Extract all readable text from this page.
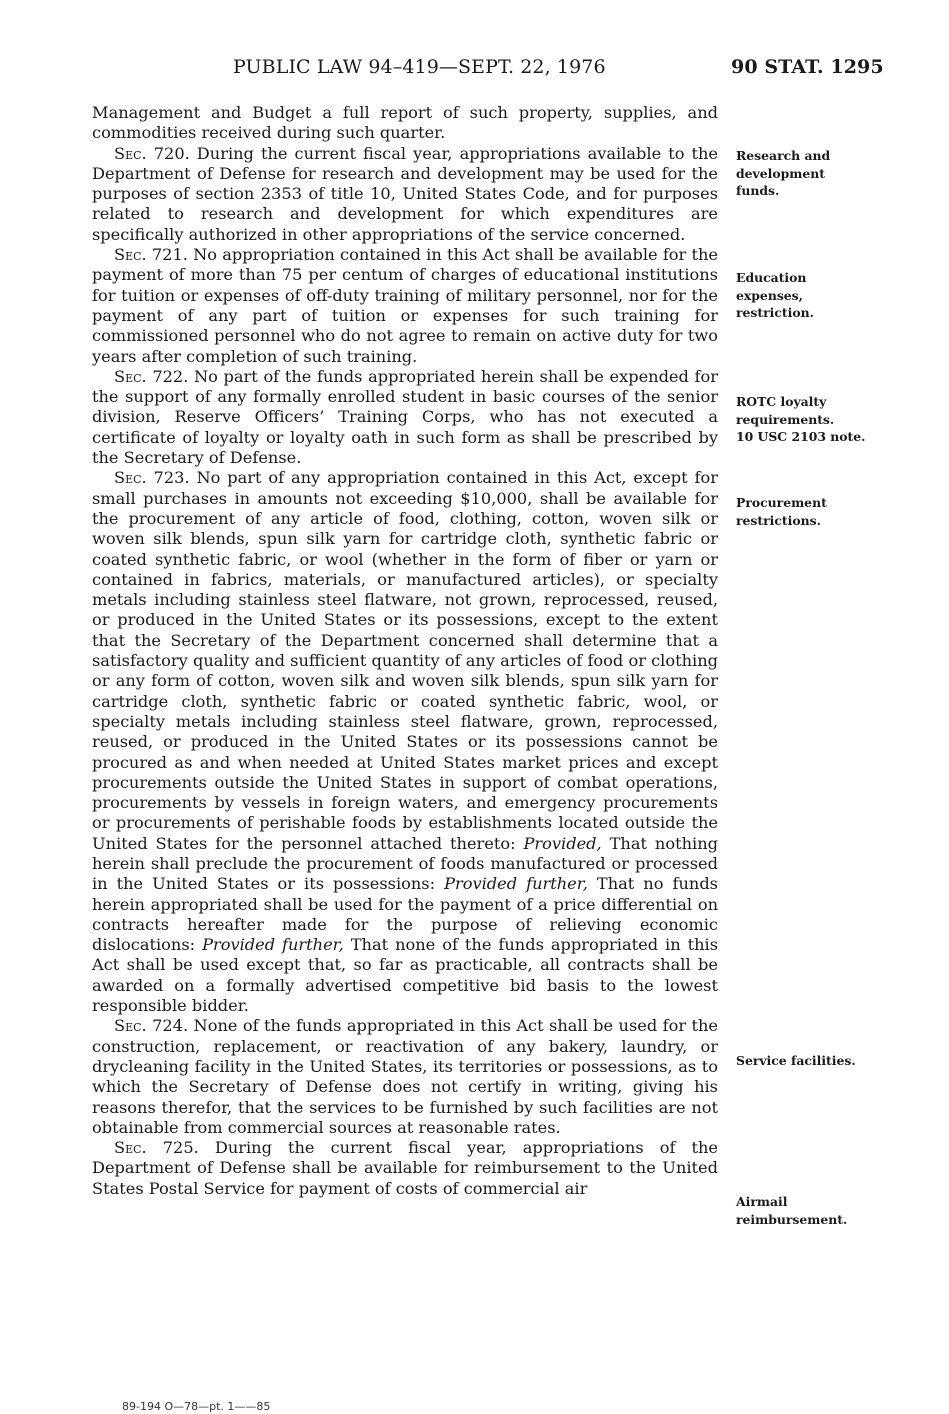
PUBLIC LAW 94–419—SEPT. 22, 1976	90 STAT. 1295

Management and Budget a full report of such property, supplies, and commodities received during such quarter.

Sec. 720. During the current fiscal year, appropriations available to the Department of Defense for research and development may be used for the purposes of section 2353 of title 10, United States Code, and for purposes related to research and development for which expenditures are specifically authorized in other appropriations of the service concerned.

Sec. 721. No appropriation contained in this Act shall be available for the payment of more than 75 per centum of charges of educational institutions for tuition or expenses of off-duty training of military personnel, nor for the payment of any part of tuition or expenses for such training for commissioned personnel who do not agree to remain on active duty for two years after completion of such training.

Sec. 722. No part of the funds appropriated herein shall be expended for the support of any formally enrolled student in basic courses of the senior division, Reserve Officers’ Training Corps, who has not executed a certificate of loyalty or loyalty oath in such form as shall be prescribed by the Secretary of Defense.

Sec. 723. No part of any appropriation contained in this Act, except for small purchases in amounts not exceeding $10,000, shall be available for the procurement of any article of food, clothing, cotton, woven silk or woven silk blends, spun silk yarn for cartridge cloth, synthetic fabric or coated synthetic fabric, or wool (whether in the form of fiber or yarn or contained in fabrics, materials, or manufactured articles), or specialty metals including stainless steel flatware, not grown, reprocessed, reused, or produced in the United States or its possessions, except to the extent that the Secretary of the Department concerned shall determine that a satisfactory quality and sufficient quantity of any articles of food or clothing or any form of cotton, woven silk and woven silk blends, spun silk yarn for cartridge cloth, synthetic fabric or coated synthetic fabric, wool, or specialty metals including stainless steel flatware, grown, reprocessed, reused, or produced in the United States or its possessions cannot be procured as and when needed at United States market prices and except procurements outside the United States in support of combat operations, procurements by vessels in foreign waters, and emergency procurements or procurements of perishable foods by establishments located outside the United States for the personnel attached thereto: Provided, That nothing herein shall preclude the procurement of foods manufactured or processed in the United States or its possessions: Provided further, That no funds herein appropriated shall be used for the payment of a price differential on contracts hereafter made for the purpose of relieving economic dislocations: Provided further, That none of the funds appropriated in this Act shall be used except that, so far as practicable, all contracts shall be awarded on a formally advertised competitive bid basis to the lowest responsible bidder.

Sec. 724. None of the funds appropriated in this Act shall be used for the construction, replacement, or reactivation of any bakery, laundry, or drycleaning facility in the United States, its territories or possessions, as to which the Secretary of Defense does not certify in writing, giving his reasons therefor, that the services to be furnished by such facilities are not obtainable from commercial sources at reasonable rates.

Sec. 725. During the current fiscal year, appropriations of the Department of Defense shall be available for reimbursement to the United States Postal Service for payment of costs of commercial air

Research and development funds.
Education expenses, restriction.
ROTC loyalty requirements.
10 USC 2103 note.
Procurement restrictions.
Service facilities.
Airmail reimbursement.
89-194 O—78—pt. 1——85
